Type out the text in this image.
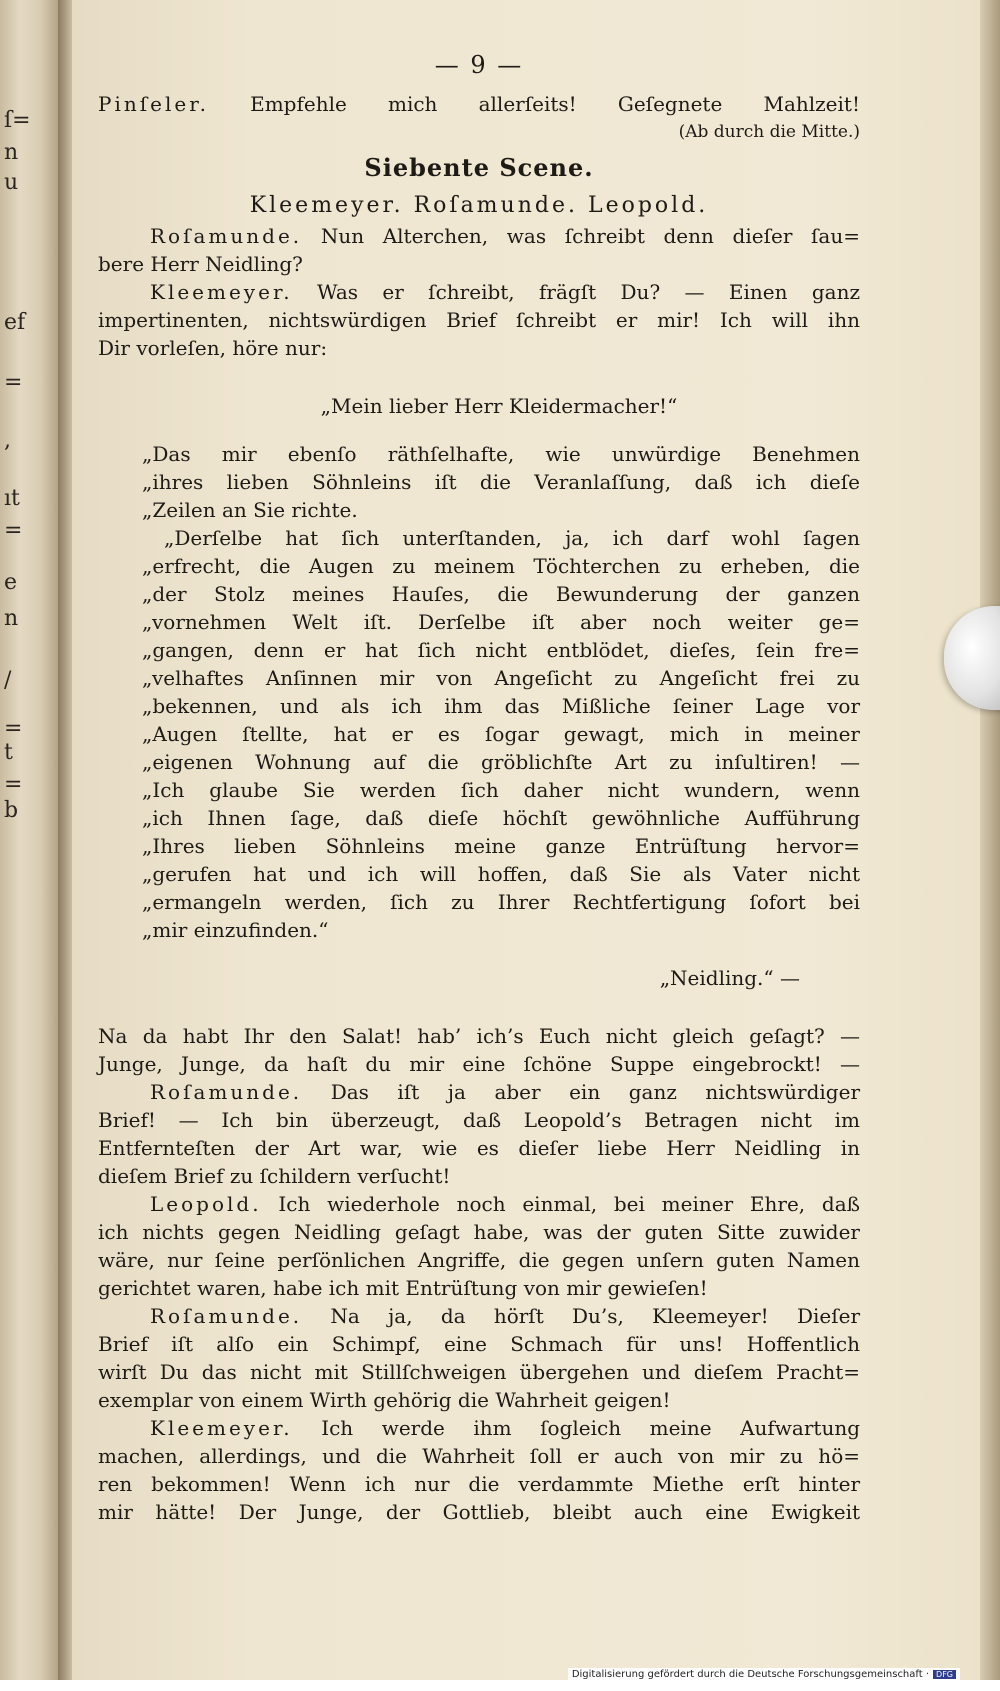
ſ=
n
u
ef
=
,
ıt
=
e
n
/
=
t
=
b
— 9 —
Pinſeler. Empfehle mich allerſeits! Geſegnete Mahlzeit!
(Ab durch die Mitte.)
Siebente Scene.
Kleemeyer. Roſamunde. Leopold.
Roſamunde. Nun Alterchen, was ſchreibt denn dieſer ſau=
bere Herr Neidling?
Kleemeyer. Was er ſchreibt, frägſt Du? — Einen ganz
impertinenten, nichtswürdigen Brief ſchreibt er mir! Ich will ihn
Dir vorleſen, höre nur:
„Mein lieber Herr Kleidermacher!“
„Das mir ebenſo räthſelhafte, wie unwürdige Benehmen
„ihres lieben Söhnleins iſt die Veranlaſſung, daß ich dieſe
„Zeilen an Sie richte.
„Derſelbe hat ſich unterſtanden, ja, ich darf wohl ſagen
„erfrecht, die Augen zu meinem Töchterchen zu erheben, die
„der Stolz meines Hauſes, die Bewunderung der ganzen
„vornehmen Welt iſt. Derſelbe iſt aber noch weiter ge=
„gangen, denn er hat ſich nicht entblödet, dieſes, ſein fre=
„velhaftes Anſinnen mir von Angeſicht zu Angeſicht frei zu
„bekennen, und als ich ihm das Mißliche ſeiner Lage vor
„Augen ſtellte, hat er es ſogar gewagt, mich in meiner
„eigenen Wohnung auf die gröblichſte Art zu inſultiren! —
„Ich glaube Sie werden ſich daher nicht wundern, wenn
„ich Ihnen ſage, daß dieſe höchſt gewöhnliche Aufführung
„Ihres lieben Söhnleins meine ganze Entrüſtung hervor=
„gerufen hat und ich will hoffen, daß Sie als Vater nicht
„ermangeln werden, ſich zu Ihrer Rechtfertigung ſofort bei
„mir einzufinden.“
„Neidling.“ —
Na da habt Ihr den Salat! hab’ ich’s Euch nicht gleich geſagt? —
Junge, Junge, da haſt du mir eine ſchöne Suppe eingebrockt! —
Roſamunde. Das iſt ja aber ein ganz nichtswürdiger
Brief! — Ich bin überzeugt, daß Leopold’s Betragen nicht im
Entfernteſten der Art war, wie es dieſer liebe Herr Neidling in
dieſem Brief zu ſchildern verſucht!
Leopold. Ich wiederhole noch einmal, bei meiner Ehre, daß
ich nichts gegen Neidling geſagt habe, was der guten Sitte zuwider
wäre, nur ſeine perſönlichen Angriffe, die gegen unſern guten Namen
gerichtet waren, habe ich mit Entrüſtung von mir gewieſen!
Roſamunde. Na ja, da hörſt Du’s, Kleemeyer! Dieſer
Brief iſt alſo ein Schimpf, eine Schmach für uns! Hoffentlich
wirſt Du das nicht mit Stillſchweigen übergehen und dieſem Pracht=
exemplar von einem Wirth gehörig die Wahrheit geigen!
Kleemeyer. Ich werde ihm ſogleich meine Aufwartung
machen, allerdings, und die Wahrheit ſoll er auch von mir zu hö=
ren bekommen! Wenn ich nur die verdammte Miethe erſt hinter
mir hätte! Der Junge, der Gottlieb, bleibt auch eine Ewigkeit
Digitalisierung gefördert durch die Deutsche Forschungsgemeinschaft · DFG
